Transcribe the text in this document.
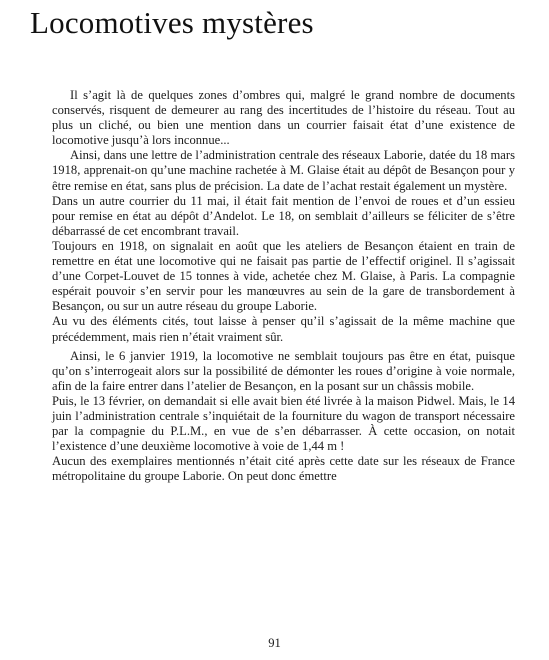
Locomotives mystères

Il s’agit là de quelques zones d’ombres qui, malgré le grand nombre de documents conservés, risquent de demeurer au rang des incertitudes de l’histoire du réseau. Tout au plus un cliché, ou bien une mention dans un courrier faisait état d’une existence de locomotive jusqu’à lors inconnue...

Ainsi, dans une lettre de l’administration centrale des réseaux Laborie, datée du 18 mars 1918, apprenait-on qu’une machine rachetée à M. Glaise était au dépôt de Besançon pour y être remise en état, sans plus de précision. La date de l’achat restait également un mystère.

Dans un autre courrier du 11 mai, il était fait mention de l’envoi de roues et d’un essieu pour remise en état au dépôt d’Andelot. Le 18, on semblait d’ailleurs se féliciter de s’être débarrassé de cet encombrant travail.

Toujours en 1918, on signalait en août que les ateliers de Besançon étaient en train de remettre en état une locomotive qui ne faisait pas partie de l’effectif originel. Il s’agissait d’une Corpet-Louvet de 15 tonnes à vide, achetée chez M. Glaise, à Paris. La compagnie espérait pouvoir s’en servir pour les manœuvres au sein de la gare de transbordement à Besançon, ou sur un autre réseau du groupe Laborie.

Au vu des éléments cités, tout laisse à penser qu’il s’agissait de la même machine que précédemment, mais rien n’était vraiment sûr.

Ainsi, le 6 janvier 1919, la locomotive ne semblait toujours pas être en état, puisque qu’on s’interrogeait alors sur la possibilité de démonter les roues d’origine à voie normale, afin de la faire entrer dans l’atelier de Besançon, en la posant sur un châssis mobile.

Puis, le 13 février, on demandait si elle avait bien été livrée à la maison Pidwel. Mais, le 14 juin l’administration centrale s’inquiétait de la fourniture du wagon de transport nécessaire par la compagnie du P.L.M., en vue de s’en débarrasser. À cette occasion, on notait l’existence d’une deuxième locomotive à voie de 1,44 m !

Aucun des exemplaires mentionnés n’était cité après cette date sur les réseaux de France métropolitaine du groupe Laborie. On peut donc émettre

91
